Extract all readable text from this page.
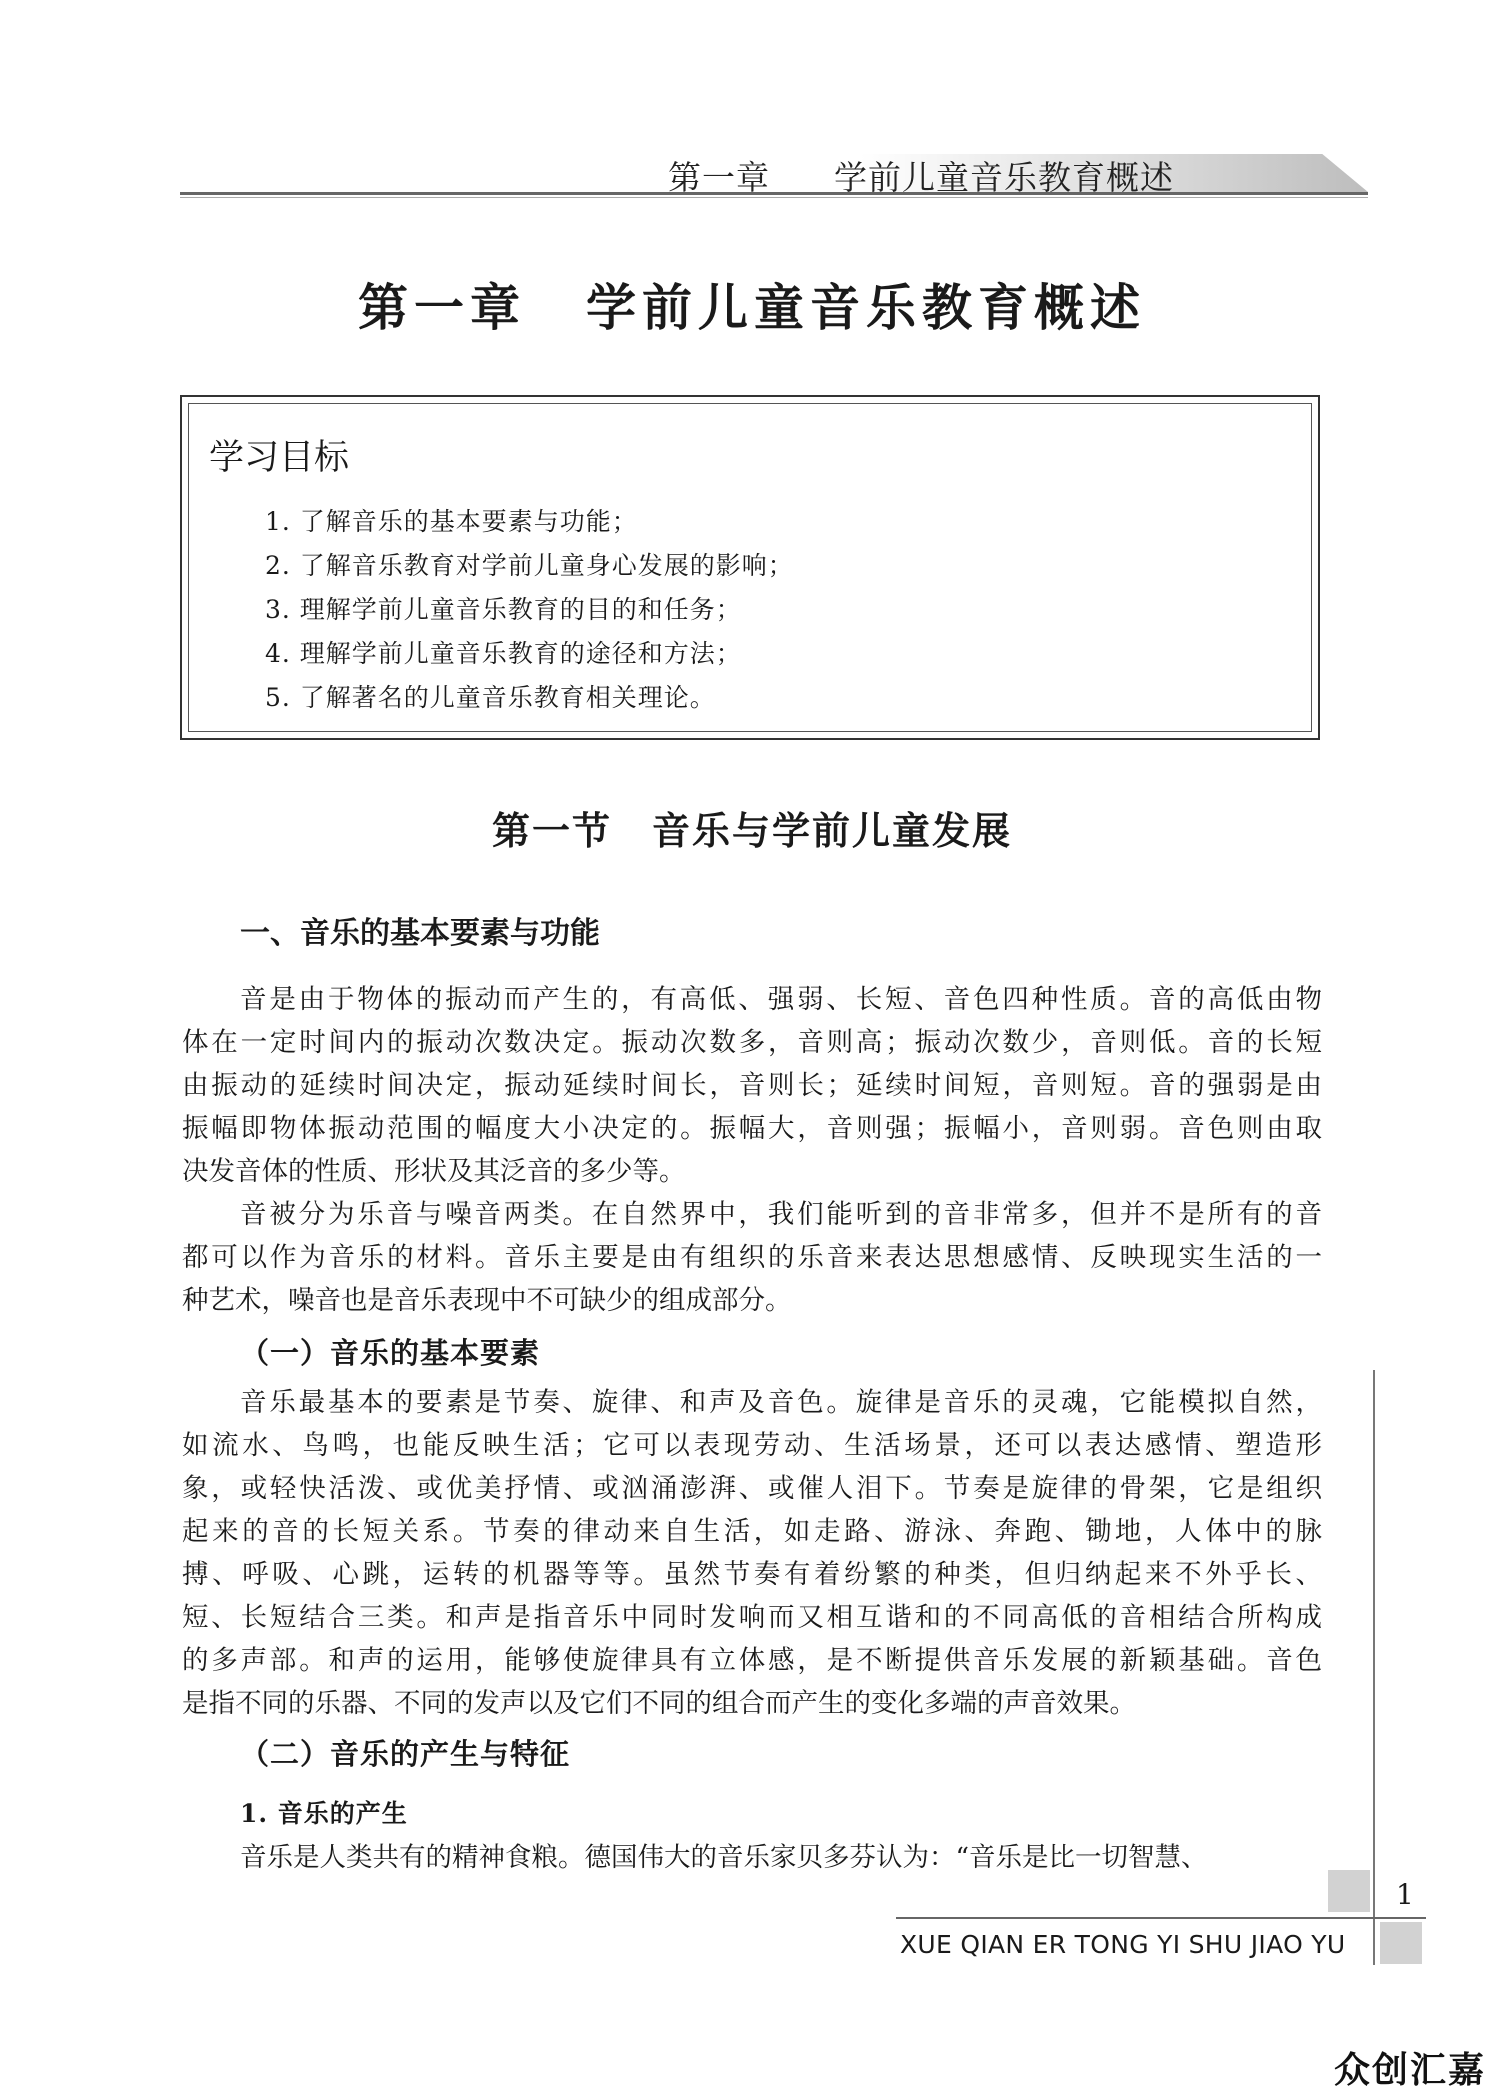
第一章 学前儿童音乐教育概述
第一章 学前儿童音乐教育概述
学习目标
1. 了解音乐的基本要素与功能；
2. 了解音乐教育对学前儿童身心发展的影响；
3. 理解学前儿童音乐教育的目的和任务；
4. 理解学前儿童音乐教育的途径和方法；
5. 了解著名的儿童音乐教育相关理论。
第一节 音乐与学前儿童发展
一、音乐的基本要素与功能
音是由于物体的振动而产生的，有高低、强弱、长短、音色四种性质。音的高低由物
体在一定时间内的振动次数决定。振动次数多，音则高；振动次数少，音则低。音的长短
由振动的延续时间决定，振动延续时间长，音则长；延续时间短，音则短。音的强弱是由
振幅即物体振动范围的幅度大小决定的。振幅大，音则强；振幅小，音则弱。音色则由取
决发音体的性质、形状及其泛音的多少等。
音被分为乐音与噪音两类。在自然界中，我们能听到的音非常多，但并不是所有的音
都可以作为音乐的材料。音乐主要是由有组织的乐音来表达思想感情、反映现实生活的一
种艺术，噪音也是音乐表现中不可缺少的组成部分。
（一）音乐的基本要素
音乐最基本的要素是节奏、旋律、和声及音色。旋律是音乐的灵魂，它能模拟自然，
如流水、鸟鸣，也能反映生活；它可以表现劳动、生活场景，还可以表达感情、塑造形
象，或轻快活泼、或优美抒情、或汹涌澎湃、或催人泪下。节奏是旋律的骨架，它是组织
起来的音的长短关系。节奏的律动来自生活，如走路、游泳、奔跑、锄地，人体中的脉
搏、呼吸、心跳，运转的机器等等。虽然节奏有着纷繁的种类，但归纳起来不外乎长、
短、长短结合三类。和声是指音乐中同时发响而又相互谐和的不同高低的音相结合所构成
的多声部。和声的运用，能够使旋律具有立体感，是不断提供音乐发展的新颖基础。音色
是指不同的乐器、不同的发声以及它们不同的组合而产生的变化多端的声音效果。
（二）音乐的产生与特征
1. 音乐的产生
音乐是人类共有的精神食粮。德国伟大的音乐家贝多芬认为：“音乐是比一切智慧、
1
XUE QIAN ER TONG YI SHU JIAO YU
众创汇嘉
